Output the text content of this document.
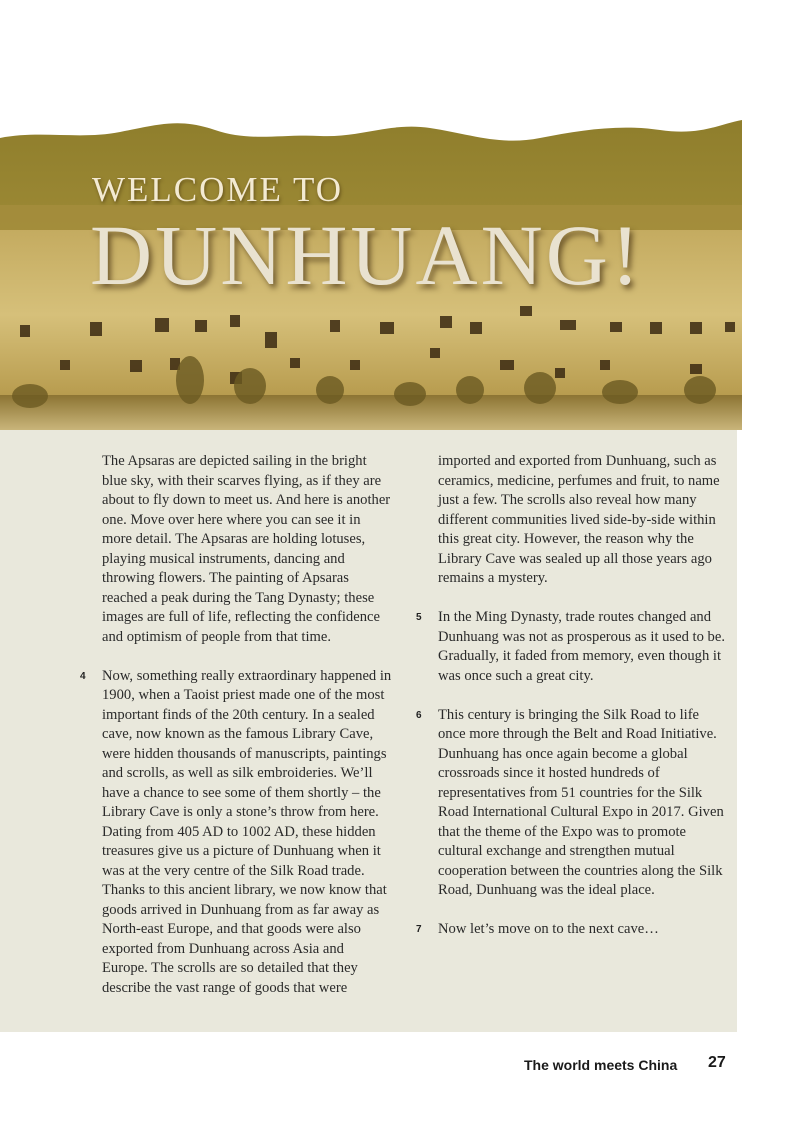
WELCOME TO
DUNHUANG!

The Apsaras are depicted sailing in the bright blue sky, with their scarves flying, as if they are about to fly down to meet us. And here is another one. Move over here where you can see it in more detail. The Apsaras are holding lotuses, playing musical instruments, dancing and throwing flowers. The painting of Apsaras reached a peak during the Tang Dynasty; these images are full of life, reflecting the confidence and optimism of people from that time.

4 Now, something really extraordinary happened in 1900, when a Taoist priest made one of the most important finds of the 20th century. In a sealed cave, now known as the famous Library Cave, were hidden thousands of manuscripts, paintings and scrolls, as well as silk embroideries. We’ll have a chance to see some of them shortly – the Library Cave is only a stone’s throw from here. Dating from 405 AD to 1002 AD, these hidden treasures give us a picture of Dunhuang when it was at the very centre of the Silk Road trade. Thanks to this ancient library, we now know that goods arrived in Dunhuang from as far away as North-east Europe, and that goods were also exported from Dunhuang across Asia and Europe. The scrolls are so detailed that they describe the vast range of goods that were

imported and exported from Dunhuang, such as ceramics, medicine, perfumes and fruit, to name just a few. The scrolls also reveal how many different communities lived side-by-side within this great city. However, the reason why the Library Cave was sealed up all those years ago remains a mystery.

5 In the Ming Dynasty, trade routes changed and Dunhuang was not as prosperous as it used to be. Gradually, it faded from memory, even though it was once such a great city.

6 This century is bringing the Silk Road to life once more through the Belt and Road Initiative. Dunhuang has once again become a global crossroads since it hosted hundreds of representatives from 51 countries for the Silk Road International Cultural Expo in 2017. Given that the theme of the Expo was to promote cultural exchange and strengthen mutual cooperation between the countries along the Silk Road, Dunhuang was the ideal place.

7 Now let’s move on to the next cave…

The world meets China 27
